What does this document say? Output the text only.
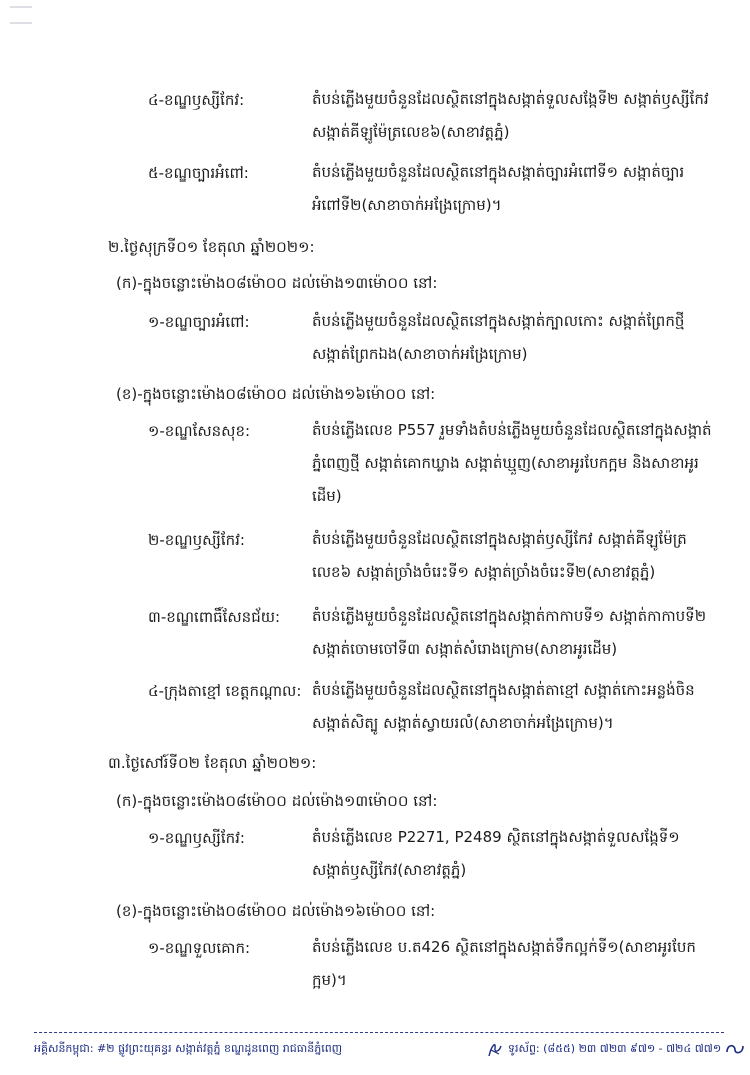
៤-ខណ្ឌឫស្សីកែវ:	តំបន់ភ្លើងមួយចំនួនដែលស្ថិតនៅក្នុងសង្កាត់ទួលសង្កែទី២ សង្កាត់ឫស្សីកែវ សង្កាត់គីឡូម៉ែត្រលេខ៦(សាខាវត្តភ្នំ)
៥-ខណ្ឌច្បារអំពៅ:	តំបន់ភ្លើងមួយចំនួនដែលស្ថិតនៅក្នុងសង្កាត់ច្បារអំពៅទី១ សង្កាត់ច្បារអំពៅទី២(សាខាចាក់អង្រែក្រោម)។
២.ថ្ងៃសុក្រទី០១ ខែតុលា ឆ្នាំ២០២១:
(ក)-ក្នុងចន្លោះម៉ោង០៨ម៉ោ០០ ដល់ម៉ោង១៣ម៉ោ០០ នៅ:
១-ខណ្ឌច្បារអំពៅ:	តំបន់ភ្លើងមួយចំនួនដែលស្ថិតនៅក្នុងសង្កាត់ក្បាលកោះ សង្កាត់ព្រែកថ្មី សង្កាត់ព្រែកឯង(សាខាចាក់អង្រែក្រោម)
(ខ)-ក្នុងចន្លោះម៉ោង០៨ម៉ោ០០ ដល់ម៉ោង១៦ម៉ោ០០ នៅ:
១-ខណ្ឌសែនសុខ:	តំបន់ភ្លើងលេខ P557 រួមទាំងតំបន់ភ្លើងមួយចំនួនដែលស្ថិតនៅក្នុងសង្កាត់ភ្នំពេញថ្មី សង្កាត់គោកឃ្លាង សង្កាត់ឃ្មួញ(សាខាអូរបែកក្អម និងសាខាអូរដើម)
២-ខណ្ឌឫស្សីកែវ:	តំបន់ភ្លើងមួយចំនួនដែលស្ថិតនៅក្នុងសង្កាត់ឫស្សីកែវ សង្កាត់គីឡូម៉ែត្រលេខ៦ សង្កាត់ច្រាំងចំរេះទី១ សង្កាត់ច្រាំងចំរេះទី២(សាខាវត្តភ្នំ)
៣-ខណ្ឌពោធិ៍សែនជ័យ: តំបន់ភ្លើងមួយចំនួនដែលស្ថិតនៅក្នុងសង្កាត់កាកាបទី១ សង្កាត់កាកាបទី២ សង្កាត់ចោមចៅទី៣ សង្កាត់សំរោងក្រោម(សាខាអូរដើម)
៤-ក្រុងតាខ្មៅ ខេត្តកណ្ដាល: តំបន់ភ្លើងមួយចំនួនដែលស្ថិតនៅក្នុងសង្កាត់តាខ្មៅ សង្កាត់កោះអន្លង់ចិន សង្កាត់សិត្បូ សង្កាត់ស្វាយរលំ(សាខាចាក់អង្រែក្រោម)។
៣.ថ្ងៃសៅរ៍ទី០២ ខែតុលា ឆ្នាំ២០២១:
(ក)-ក្នុងចន្លោះម៉ោង០៨ម៉ោ០០ ដល់ម៉ោង១៣ម៉ោ០០ នៅ:
១-ខណ្ឌឫស្សីកែវ:	តំបន់ភ្លើងលេខ P2271, P2489 ស្ថិតនៅក្នុងសង្កាត់ទួលសង្កែទី១ សង្កាត់ឫស្សីកែវ(សាខាវត្តភ្នំ)
(ខ)-ក្នុងចន្លោះម៉ោង០៨ម៉ោ០០ ដល់ម៉ោង១៦ម៉ោ០០ នៅ:
១-ខណ្ឌទួលគោក:	តំបន់ភ្លើងលេខ ប.ត426 ស្ថិតនៅក្នុងសង្កាត់ទឹកល្អក់ទី១(សាខាអូរបែកក្អម)។
អគ្គិសនីកម្ពុជា: #២ ផ្លូវព្រះយុគន្ធរ សង្កាត់វត្តភ្នំ ខណ្ឌដូនពេញ រាជធានីភ្នំពេញ	ទូរស័ព្ទ: (៨៥៥) ២៣ ៧២៣ ៩៧១ - ៧២៤ ៧៧១
